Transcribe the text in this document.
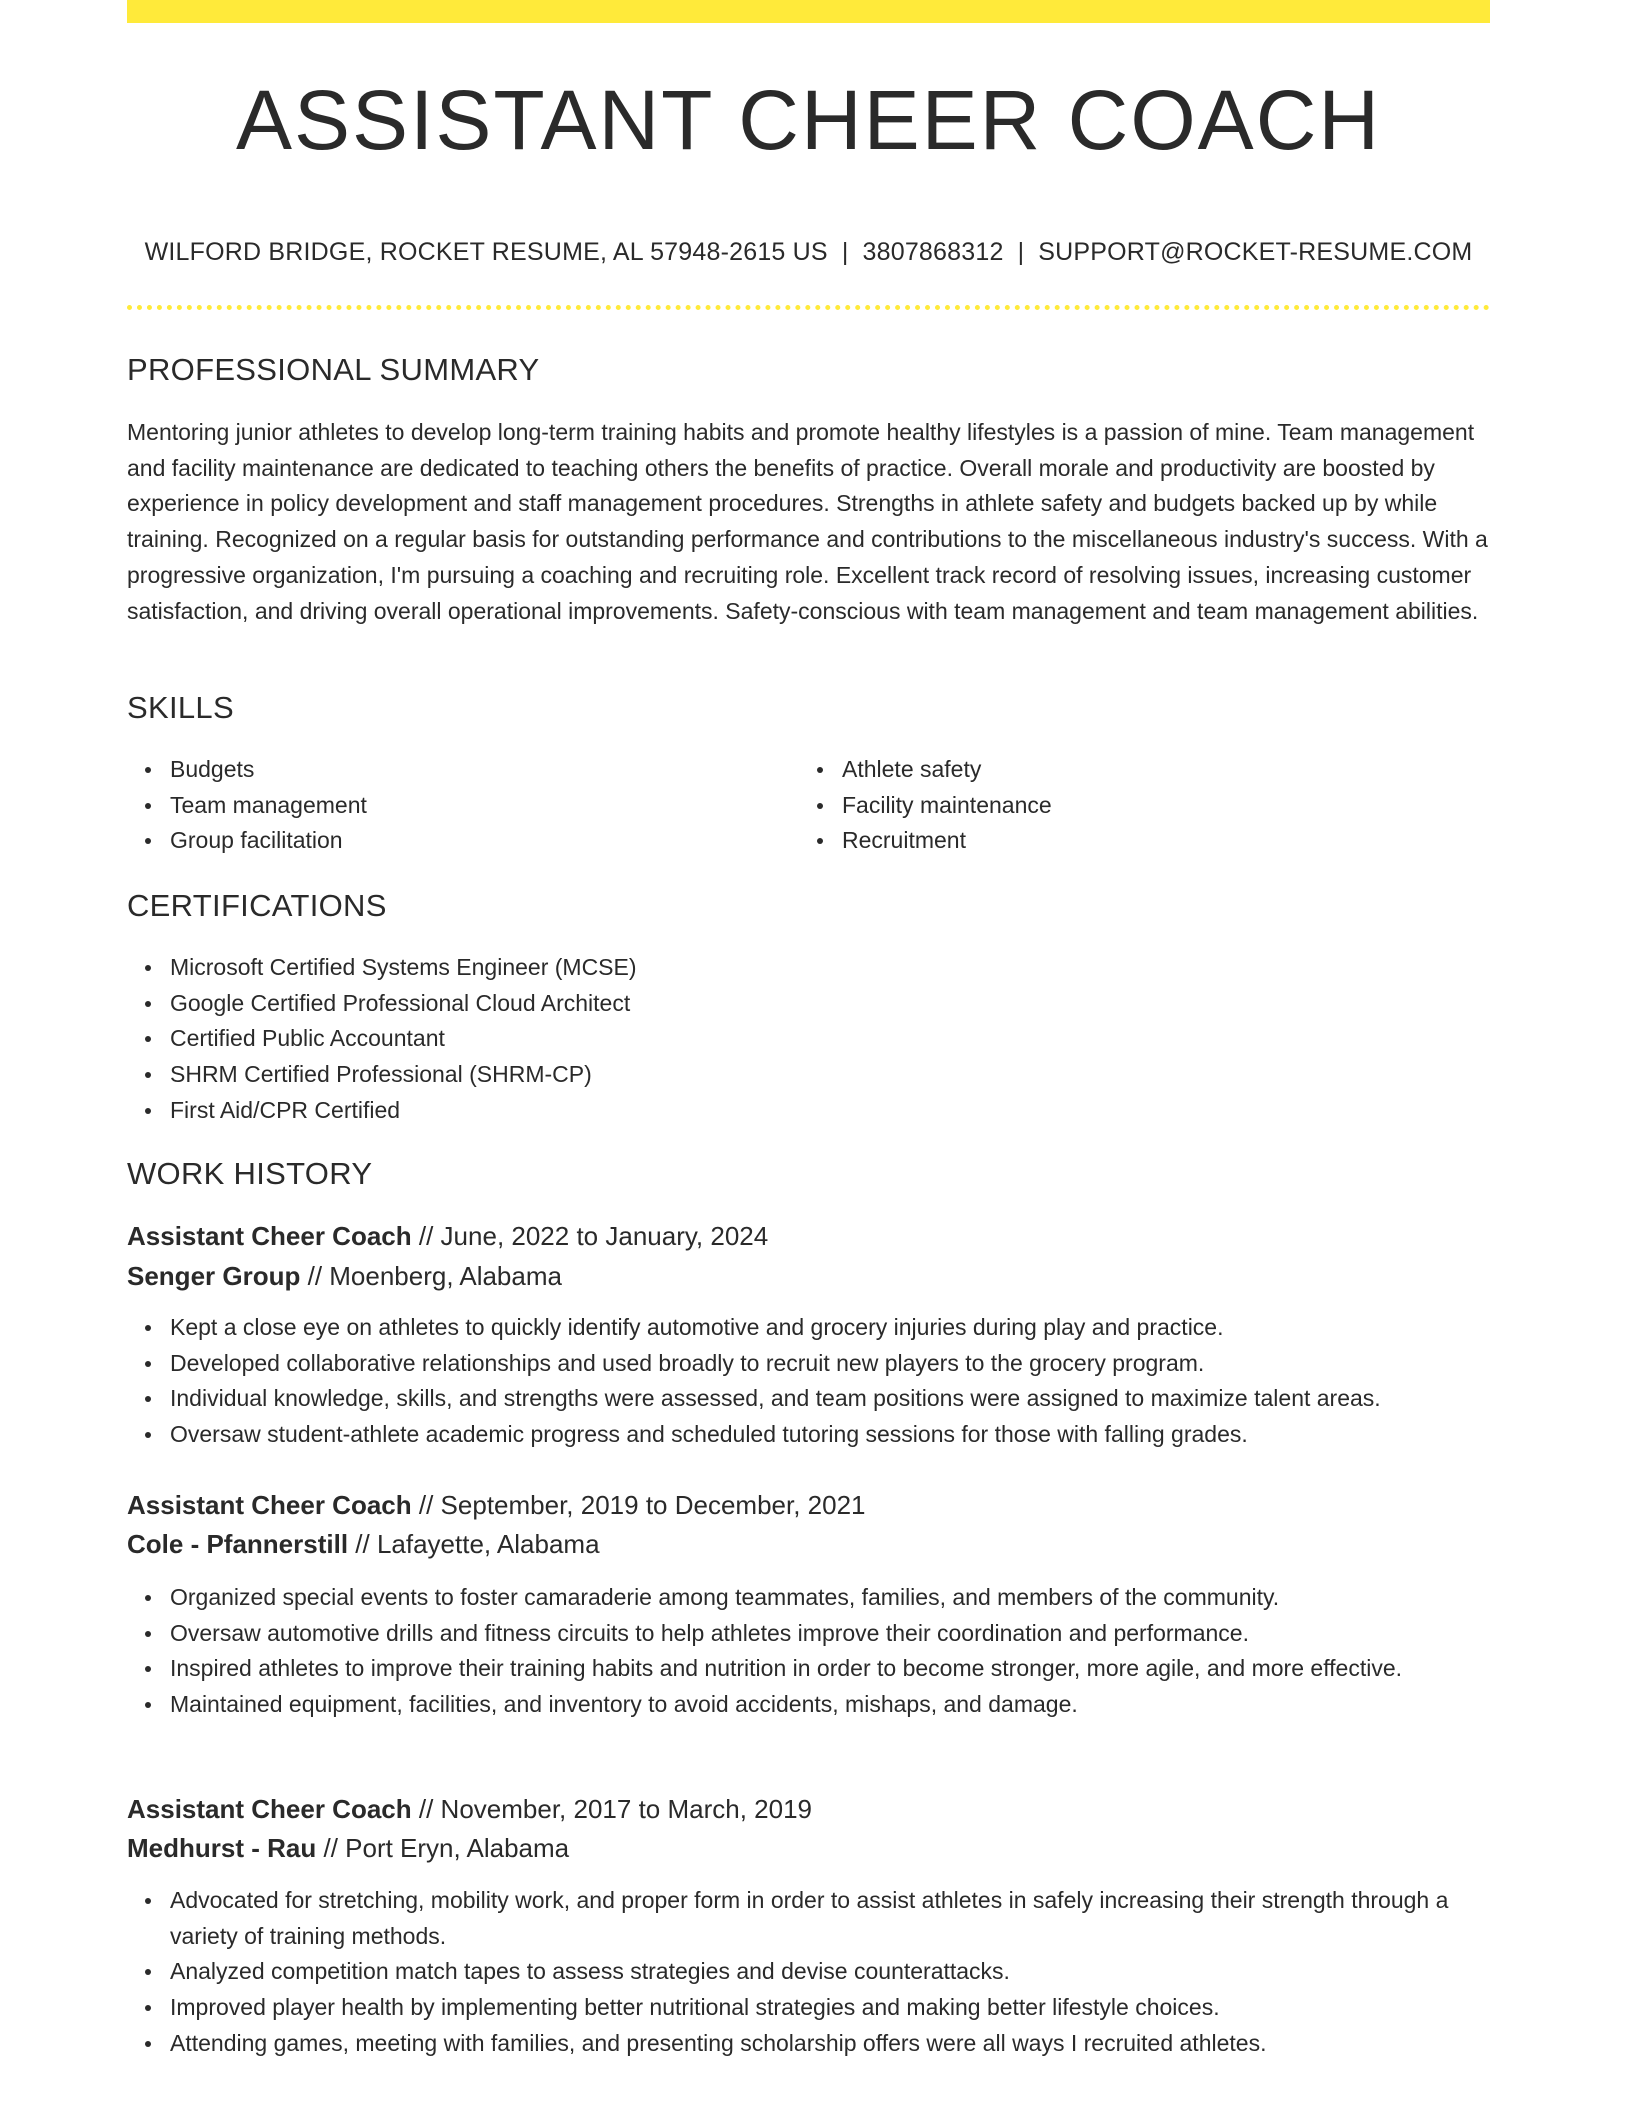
ASSISTANT CHEER COACH
WILFORD BRIDGE, ROCKET RESUME, AL 57948-2615 US | 3807868312 | SUPPORT@ROCKET-RESUME.COM
PROFESSIONAL SUMMARY
Mentoring junior athletes to develop long-term training habits and promote healthy lifestyles is a passion of mine. Team management and facility maintenance are dedicated to teaching others the benefits of practice. Overall morale and productivity are boosted by experience in policy development and staff management procedures. Strengths in athlete safety and budgets backed up by while training. Recognized on a regular basis for outstanding performance and contributions to the miscellaneous industry's success. With a progressive organization, I'm pursuing a coaching and recruiting role. Excellent track record of resolving issues, increasing customer satisfaction, and driving overall operational improvements. Safety-conscious with team management and team management abilities.
SKILLS
Budgets
Team management
Group facilitation
Athlete safety
Facility maintenance
Recruitment
CERTIFICATIONS
Microsoft Certified Systems Engineer (MCSE)
Google Certified Professional Cloud Architect
Certified Public Accountant
SHRM Certified Professional (SHRM-CP)
First Aid/CPR Certified
WORK HISTORY
Assistant Cheer Coach // June, 2022 to January, 2024
Senger Group // Moenberg, Alabama
Kept a close eye on athletes to quickly identify automotive and grocery injuries during play and practice.
Developed collaborative relationships and used broadly to recruit new players to the grocery program.
Individual knowledge, skills, and strengths were assessed, and team positions were assigned to maximize talent areas.
Oversaw student-athlete academic progress and scheduled tutoring sessions for those with falling grades.
Assistant Cheer Coach // September, 2019 to December, 2021
Cole - Pfannerstill // Lafayette, Alabama
Organized special events to foster camaraderie among teammates, families, and members of the community.
Oversaw automotive drills and fitness circuits to help athletes improve their coordination and performance.
Inspired athletes to improve their training habits and nutrition in order to become stronger, more agile, and more effective.
Maintained equipment, facilities, and inventory to avoid accidents, mishaps, and damage.
Assistant Cheer Coach // November, 2017 to March, 2019
Medhurst - Rau // Port Eryn, Alabama
Advocated for stretching, mobility work, and proper form in order to assist athletes in safely increasing their strength through a variety of training methods.
Analyzed competition match tapes to assess strategies and devise counterattacks.
Improved player health by implementing better nutritional strategies and making better lifestyle choices.
Attending games, meeting with families, and presenting scholarship offers were all ways I recruited athletes.
